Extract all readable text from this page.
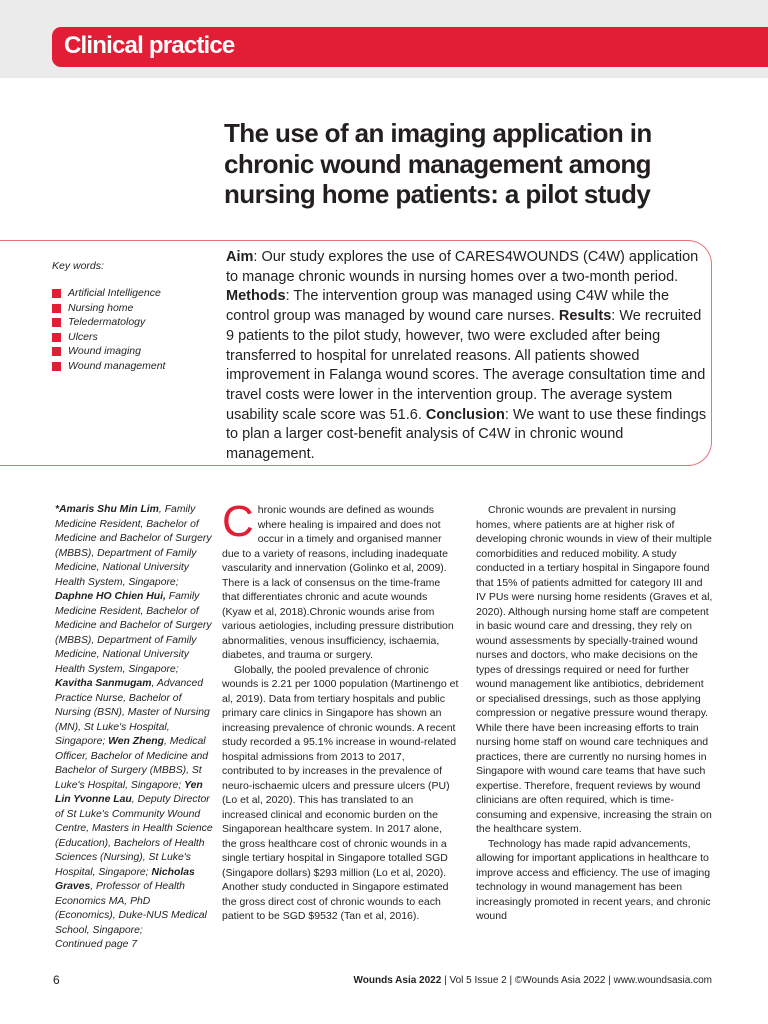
Clinical practice
The use of an imaging application in chronic wound management among nursing home patients: a pilot study
Key words:
Artificial Intelligence
Nursing home
Teledermatology
Ulcers
Wound imaging
Wound management

Aim: Our study explores the use of CARES4WOUNDS (C4W) application to manage chronic wounds in nursing homes over a two-month period. Methods: The intervention group was managed using C4W while the control group was managed by wound care nurses. Results: We recruited 9 patients to the pilot study, however, two were excluded after being transferred to hospital for unrelated reasons. All patients showed improvement in Falanga wound scores. The average consultation time and travel costs were lower in the intervention group. The average system usability scale score was 51.6. Conclusion: We want to use these findings to plan a larger cost-benefit analysis of C4W in chronic wound management.

*Amaris Shu Min Lim, Family Medicine Resident, Bachelor of Medicine and Bachelor of Surgery (MBBS), Department of Family Medicine, National University Health System, Singapore; Daphne HO Chien Hui, Family Medicine Resident, Bachelor of Medicine and Bachelor of Surgery (MBBS), Department of Family Medicine, National University Health System, Singapore; Kavitha Sanmugam, Advanced Practice Nurse, Bachelor of Nursing (BSN), Master of Nursing (MN), St Luke's Hospital, Singapore; Wen Zheng, Medical Officer, Bachelor of Medicine and Bachelor of Surgery (MBBS), St Luke's Hospital, Singapore; Yen Lin Yvonne Lau, Deputy Director of St Luke's Community Wound Centre, Masters in Health Science (Education), Bachelors of Health Sciences (Nursing), St Luke's Hospital, Singapore; Nicholas Graves, Professor of Health Economics MA, PhD (Economics), Duke-NUS Medical School, Singapore;
Continued page 7

Chronic wounds are defined as wounds where healing is impaired and does not occur in a timely and organised manner due to a variety of reasons, including inadequate vascularity and innervation (Golinko et al, 2009). There is a lack of consensus on the time-frame that differentiates chronic and acute wounds (Kyaw et al, 2018).Chronic wounds arise from various aetiologies, including pressure distribution abnormalities, venous insufficiency, ischaemia, diabetes, and trauma or surgery.

Globally, the pooled prevalence of chronic wounds is 2.21 per 1000 population (Martinengo et al, 2019). Data from tertiary hospitals and public primary care clinics in Singapore has shown an increasing prevalence of chronic wounds. A recent study recorded a 95.1% increase in wound-related hospital admissions from 2013 to 2017, contributed to by increases in the prevalence of neuro-ischaemic ulcers and pressure ulcers (PU) (Lo et al, 2020). This has translated to an increased clinical and economic burden on the Singaporean healthcare system. In 2017 alone, the gross healthcare cost of chronic wounds in a single tertiary hospital in Singapore totalled SGD (Singapore dollars) $293 million (Lo et al, 2020). Another study conducted in Singapore estimated the gross direct cost of chronic wounds to each patient to be SGD $9532 (Tan et al, 2016).

Chronic wounds are prevalent in nursing homes, where patients are at higher risk of developing chronic wounds in view of their multiple comorbidities and reduced mobility. A study conducted in a tertiary hospital in Singapore found that 15% of patients admitted for category III and IV PUs were nursing home residents (Graves et al, 2020). Although nursing home staff are competent in basic wound care and dressing, they rely on wound assessments by specially-trained wound nurses and doctors, who make decisions on the types of dressings required or need for further wound management like antibiotics, debridement or specialised dressings, such as those applying compression or negative pressure wound therapy. While there have been increasing efforts to train nursing home staff on wound care techniques and practices, there are currently no nursing homes in Singapore with wound care teams that have such expertise. Therefore, frequent reviews by wound clinicians are often required, which is time-consuming and expensive, increasing the strain on the healthcare system.

Technology has made rapid advancements, allowing for important applications in healthcare to improve access and efficiency. The use of imaging technology in wound management has been increasingly promoted in recent years, and chronic wound

6	Wounds Asia 2022 | Vol 5 Issue 2 | ©Wounds Asia 2022 | www.woundsasia.com
